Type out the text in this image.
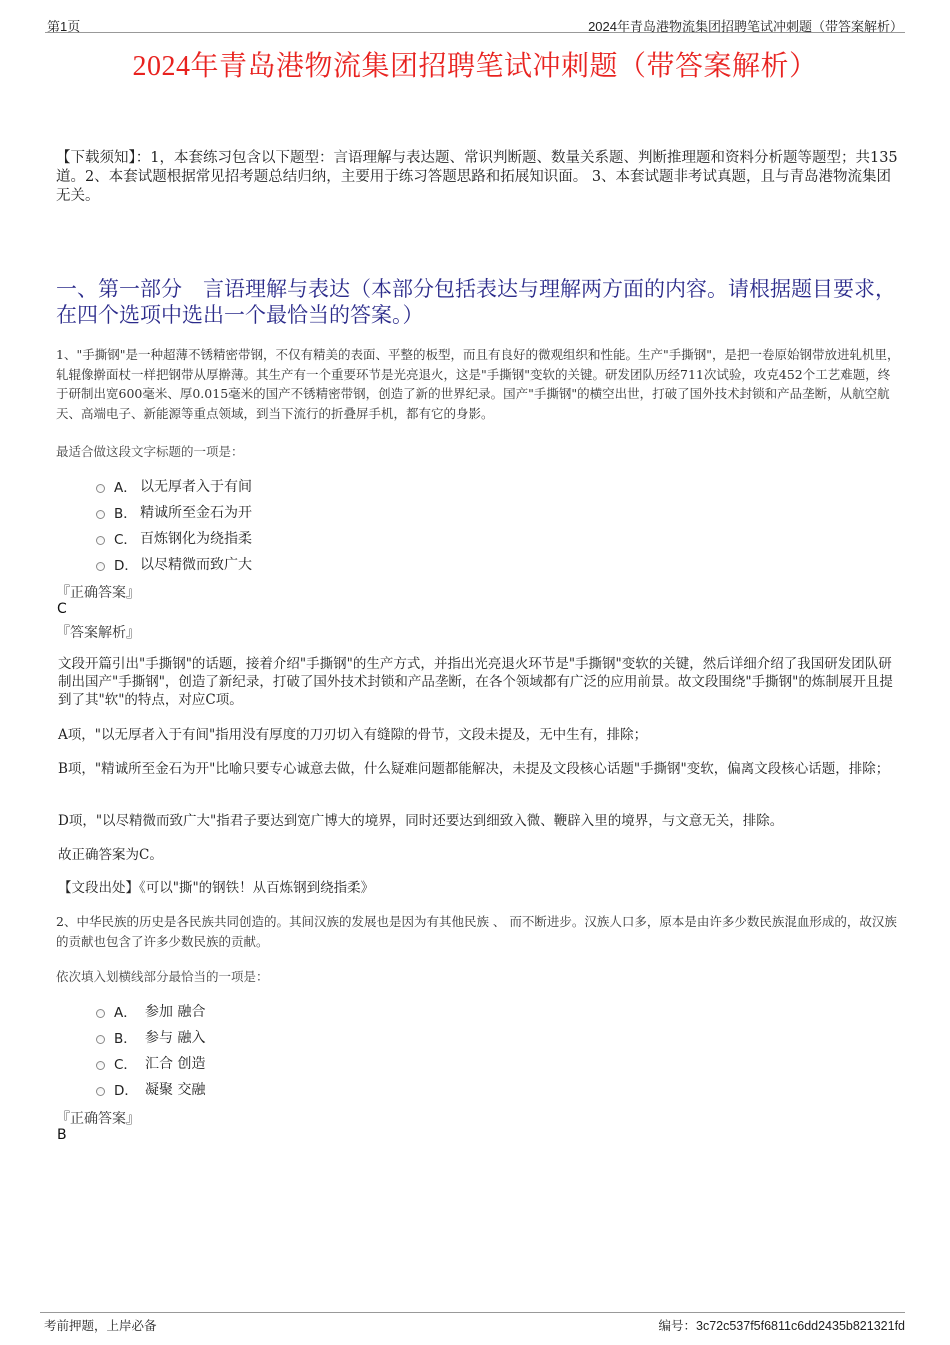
第1页	2024年青岛港物流集团招聘笔试冲刺题（带答案解析）
2024年青岛港物流集团招聘笔试冲刺题（带答案解析）
【下载须知】：1，本套练习包含以下题型：言语理解与表达题、常识判断题、数量关系题、判断推理题和资料分析题等题型；共135道。2、本套试题根据常见招考题总结归纳，主要用于练习答题思路和拓展知识面。 3、本套试题非考试真题，且与青岛港物流集团无关。
一、第一部分　言语理解与表达（本部分包括表达与理解两方面的内容。请根据题目要求，在四个选项中选出一个最恰当的答案。）
1、"手撕钢"是一种超薄不锈精密带钢，不仅有精美的表面、平整的板型，而且有良好的微观组织和性能。生产"手撕钢"，是把一卷原始钢带放进轧机里，轧辊像擀面杖一样把钢带从厚擀薄。其生产有一个重要环节是光亮退火，这是"手撕钢"变软的关键。研发团队历经711次试验，攻克452个工艺难题，终于研制出宽600毫米、厚0.015毫米的国产不锈精密带钢，创造了新的世界纪录。国产"手撕钢"的横空出世，打破了国外技术封锁和产品垄断，从航空航天、高端电子、新能源等重点领域，到当下流行的折叠屏手机，都有它的身影。
最适合做这段文字标题的一项是：
A． 以无厚者入于有间
B． 精诚所至金石为开
C． 百炼钢化为绕指柔
D． 以尽精微而致广大
『正确答案』
C
『答案解析』
文段开篇引出"手撕钢"的话题，接着介绍"手撕钢"的生产方式，并指出光亮退火环节是"手撕钢"变软的关键，然后详细介绍了我国研发团队研制出国产"手撕钢"，创造了新纪录，打破了国外技术封锁和产品垄断，在各个领域都有广泛的应用前景。故文段围绕"手撕钢"的炼制展开且提到了其"软"的特点，对应C项。
A项，"以无厚者入于有间"指用没有厚度的刀刃切入有缝隙的骨节，文段未提及，无中生有，排除；
B项，"精诚所至金石为开"比喻只要专心诚意去做，什么疑难问题都能解决，未提及文段核心话题"手撕钢"变软，偏离文段核心话题，排除；
D项，"以尽精微而致广大"指君子要达到宽广博大的境界，同时还要达到细致入微、鞭辟入里的境界，与文意无关，排除。
故正确答案为C。
【文段出处】《可以"撕"的钢铁！从百炼钢到绕指柔》
2、中华民族的历史是各民族共同创造的。其间汉族的发展也是因为有其他民族 、 而不断进步。汉族人口多，原本是由许多少数民族混血形成的，故汉族的贡献也包含了许多少数民族的贡献。
依次填入划横线部分最恰当的一项是：
A． 参加 融合
B． 参与 融入
C． 汇合 创造
D． 凝聚 交融
『正确答案』
B
考前押题，上岸必备	编号：3c72c537f5f6811c6dd2435b821321fd
